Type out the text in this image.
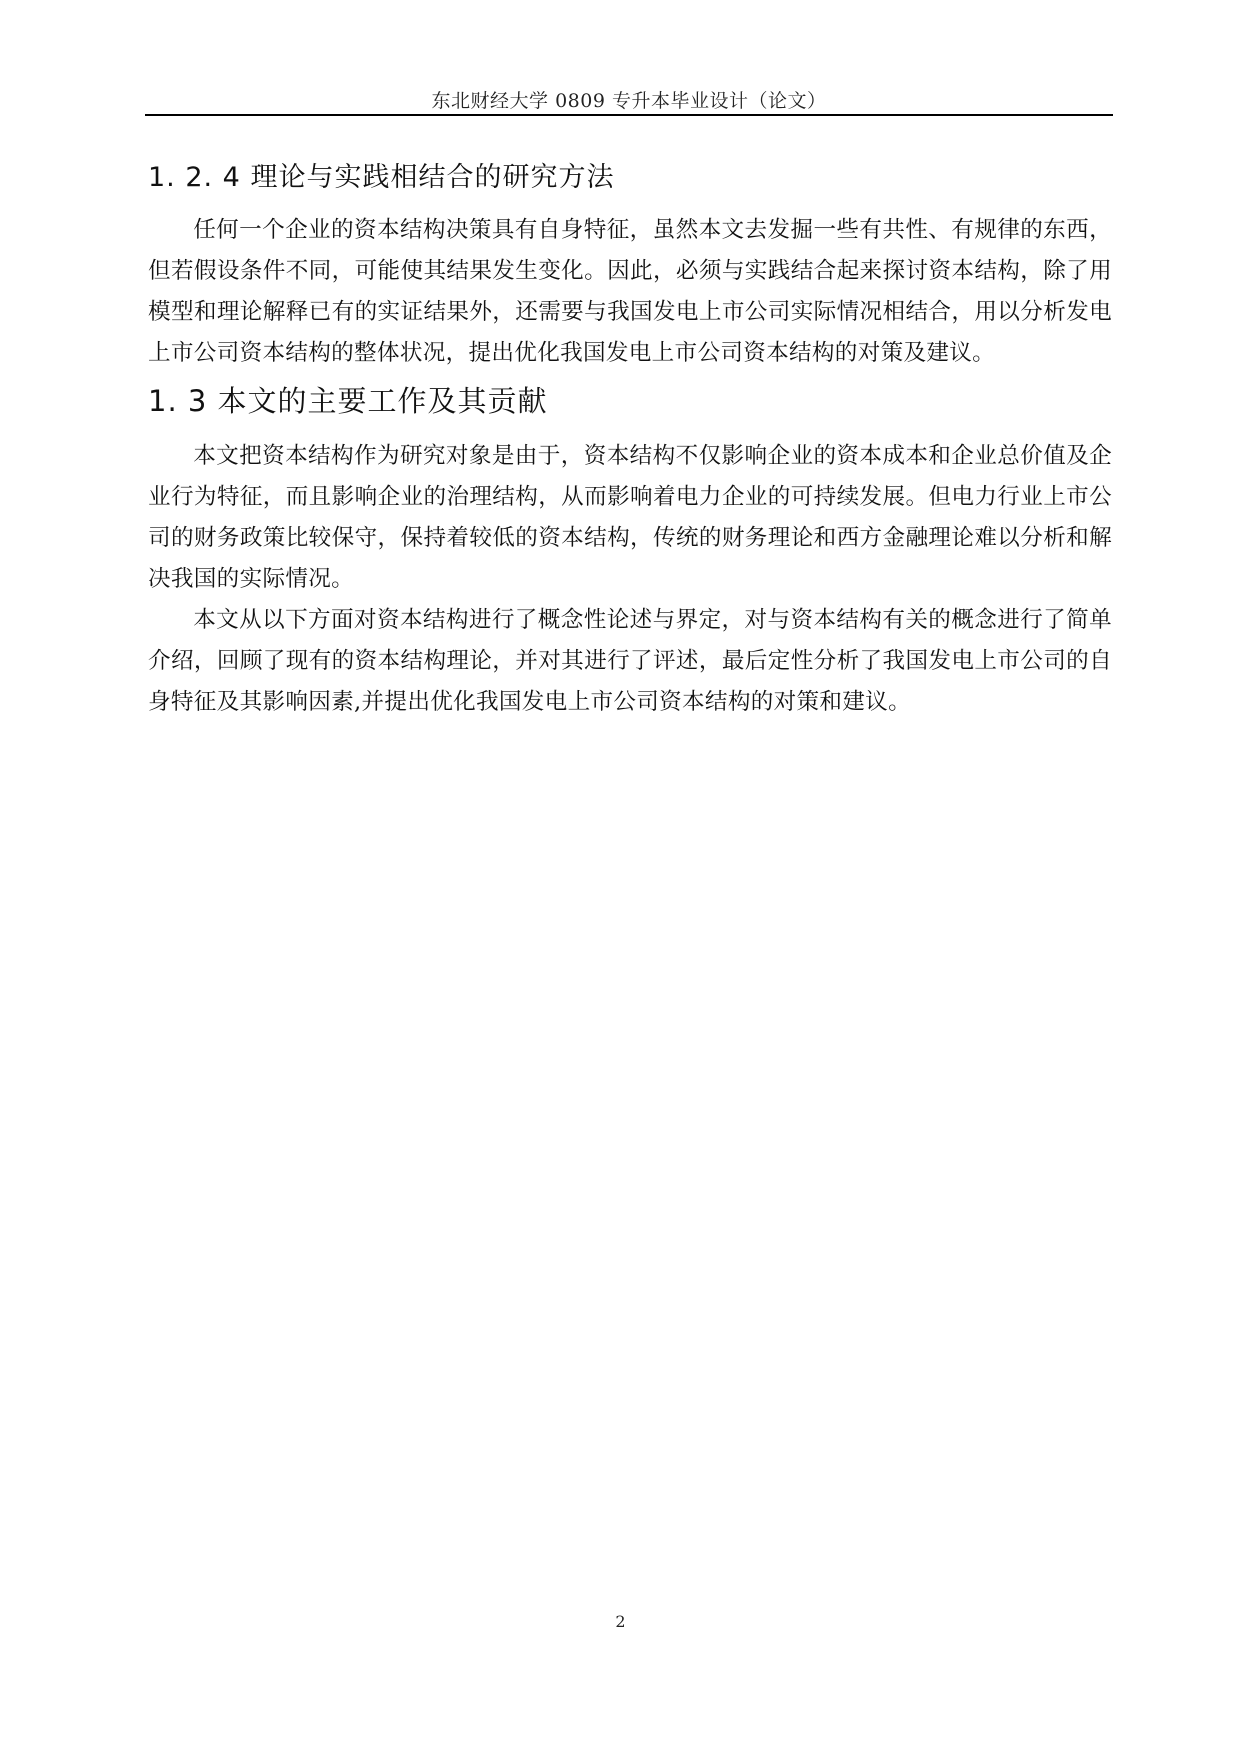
东北财经大学 0809 专升本毕业设计（论文）
1. 2. 4 理论与实践相结合的研究方法

任何一个企业的资本结构决策具有自身特征，虽然本文去发掘一些有共性、有规律的东西，但若假设条件不同，可能使其结果发生变化。因此，必须与实践结合起来探讨资本结构，除了用模型和理论解释已有的实证结果外，还需要与我国发电上市公司实际情况相结合，用以分析发电上市公司资本结构的整体状况，提出优化我国发电上市公司资本结构的对策及建议。

1. 3 本文的主要工作及其贡献

本文把资本结构作为研究对象是由于，资本结构不仅影响企业的资本成本和企业总价值及企业行为特征，而且影响企业的治理结构，从而影响着电力企业的可持续发展。但电力行业上市公司的财务政策比较保守，保持着较低的资本结构，传统的财务理论和西方金融理论难以分析和解决我国的实际情况。

本文从以下方面对资本结构进行了概念性论述与界定，对与资本结构有关的概念进行了简单介绍，回顾了现有的资本结构理论，并对其进行了评述，最后定性分析了我国发电上市公司的自身特征及其影响因素,并提出优化我国发电上市公司资本结构的对策和建议。

2
